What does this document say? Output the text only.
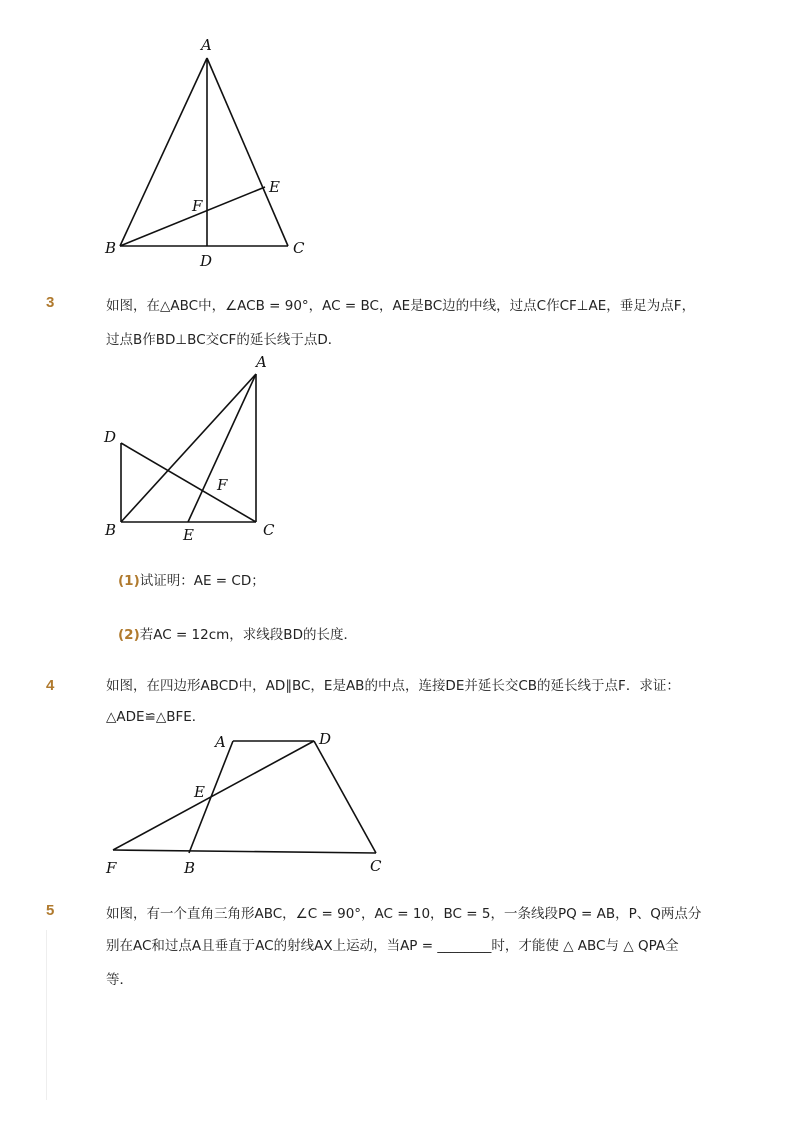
A
B	C
D
E
F
3	如图，在△ABC中，∠ACB = 90°，AC = BC，AE是BC边的中线，过点C作CF⊥AE，垂足为点F，
过点B作BD⊥BC交CF的延长线于点D．
A
D
B	C
E
F
(1)试证明：AE = CD；
(2)若AC = 12cm，求线段BD的长度．
4	如图，在四边形ABCD中，AD∥BC，E是AB的中点，连接DE并延长交CB的延长线于点F．求证：
△ADE≌△BFE．
A	D
E
F	B	C
5	如图，有一个直角三角形ABC，∠C = 90°，AC = 10，BC = 5，一条线段PQ = AB，P、Q两点分
别在AC和过点A且垂直于AC的射线AX上运动，当AP = ________时，才能使 △ ABC与 △ QPA全
等．
